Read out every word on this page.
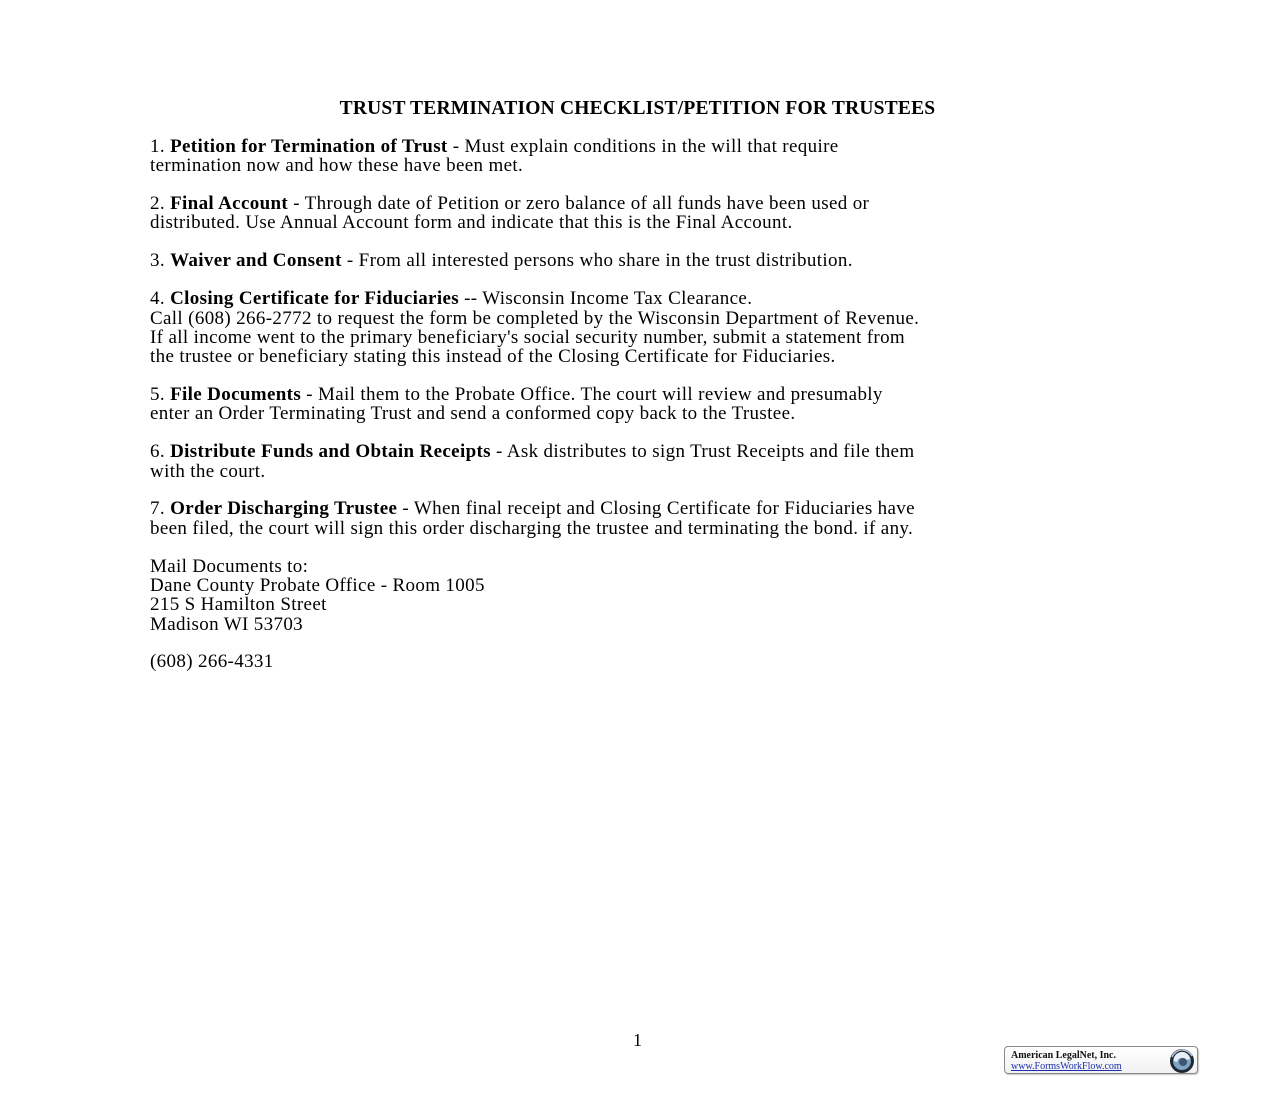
TRUST TERMINATION CHECKLIST/PETITION FOR TRUSTEES

1. Petition for Termination of Trust - Must explain conditions in the will that require

termination now and how these have been met.

2. Final Account - Through date of Petition or zero balance of all funds have been used or

distributed. Use Annual Account form and indicate that this is the Final Account.

3. Waiver and Consent - From all interested persons who share in the trust distribution.

4. Closing Certificate for Fiduciaries -- Wisconsin Income Tax Clearance.

Call (608) 266-2772 to request the form be completed by the Wisconsin Department of Revenue.

If all income went to the primary beneficiary's social security number, submit a statement from

the trustee or beneficiary stating this instead of the Closing Certificate for Fiduciaries.

5. File Documents - Mail them to the Probate Office. The court will review and presumably

enter an Order Terminating Trust and send a conformed copy back to the Trustee.

6. Distribute Funds and Obtain Receipts - Ask distributes to sign Trust Receipts and file them

with the court.

7. Order Discharging Trustee - When final receipt and Closing Certificate for Fiduciaries have

been filed, the court will sign this order discharging the trustee and terminating the bond. if any.

Mail Documents to:

Dane County Probate Office - Room 1005

215 S Hamilton Street

Madison WI 53703

(608) 266-4331

1
American LegalNet, Inc.
www.FormsWorkFlow.com
